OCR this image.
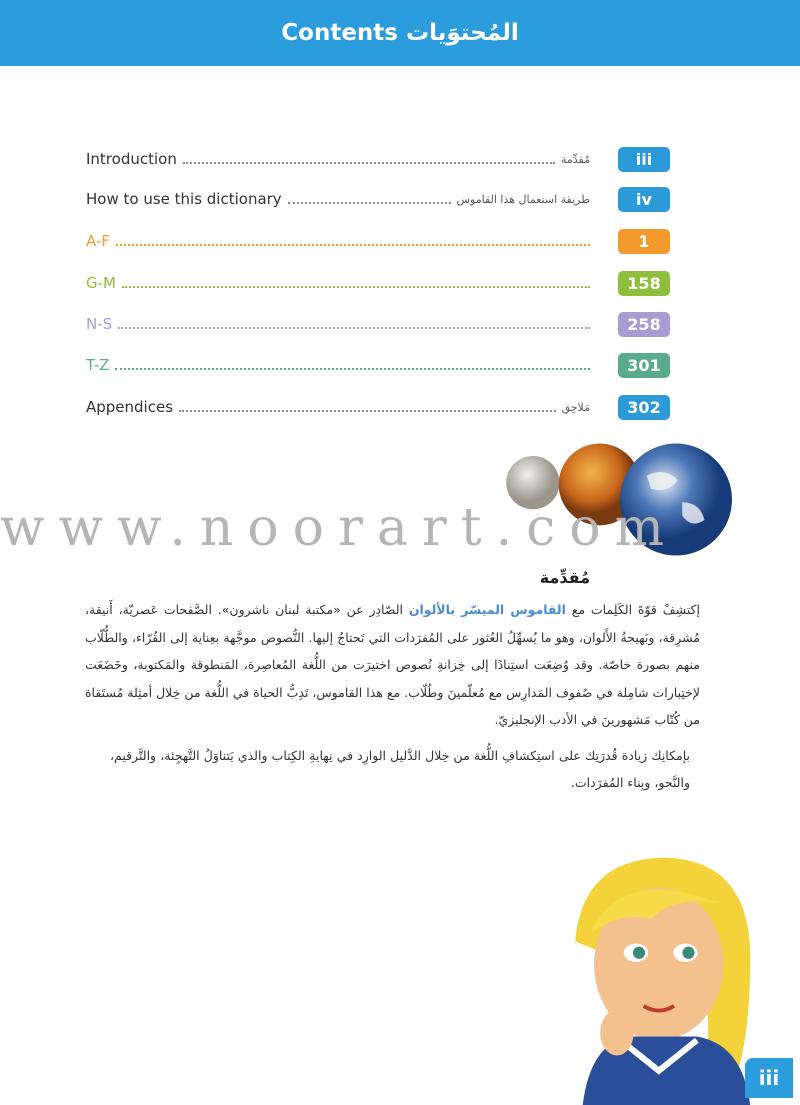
Contents المُحتوَيات
Introduction	مُقدِّمة	iii
How to use this dictionary	طريقة استعمال هذا القاموس	iv
A-F	1
G-M	158
N-S	258
T-Z	301
Appendices	مَلاحِق	302
www.noorart.com
مُقدِّمة
إكتشِفْ قوّةَ الكَلِمات مع القاموس الميسّر بالألوان الصّادِر عن «مكتبة لبنان ناشرون». الصَّفحات عَصريّة، أَنيقة، مُشرِقة، وبَهيجةُ الأَلوان، وهو ما يُسهِّلُ العُثور على المُفرَدات التي تَحتاجُ إليها. النُّصوص موجَّهة بعِناية إلى القُرّاء، والطُّلّاب منهم بصورة خاصّة. وقد وُضِعَت استِنادًا إلى خِزانةِ نُصوص اختيرَت من اللُّغة المُعاصِرة، المَنطوقة والمَكتوبة، وخَضَعَت لإختِبارات شامِلة في صُفوف المَدارِس مع مُعلّمينَ وطُلّاب. مع هذا القاموس، تَدِبُّ الحياة في اللُّغة من خِلال أمثِلة مُستَقاة من كُتّاب مَشهورينَ في الأدب الإنجليزيّ.
بإمكانِك زيادة قُدرَتِك على استِكشافِ اللُّغة من خِلال الدَّليل الوارِد في نِهايةِ الكِتاب والذي يَتناوَلُ التَّهجِئة، والتَّرقيم، والنَّحو، وبِناء المُفرَدات.
iii
